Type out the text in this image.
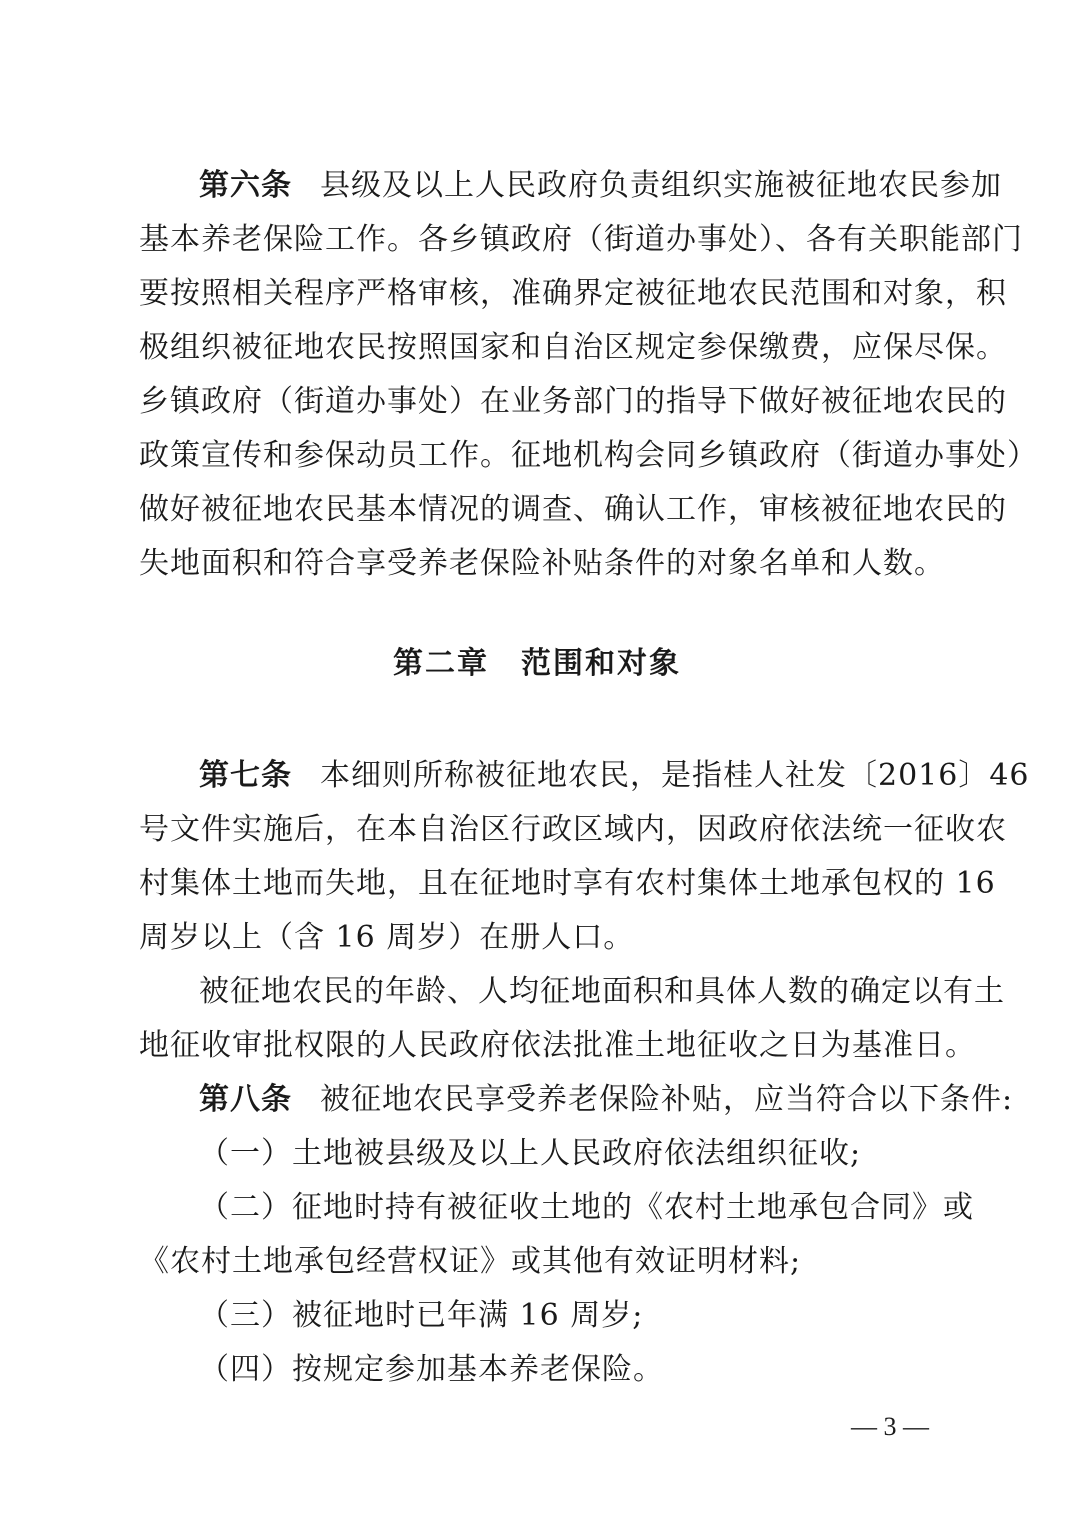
第六条 县级及以上人民政府负责组织实施被征地农民参加
基本养老保险工作。各乡镇政府（街道办事处）、各有关职能部门
要按照相关程序严格审核，准确界定被征地农民范围和对象，积
极组织被征地农民按照国家和自治区规定参保缴费，应保尽保。
乡镇政府（街道办事处）在业务部门的指导下做好被征地农民的
政策宣传和参保动员工作。征地机构会同乡镇政府（街道办事处）
做好被征地农民基本情况的调查、确认工作，审核被征地农民的
失地面积和符合享受养老保险补贴条件的对象名单和人数。
第二章　范围和对象
第七条 本细则所称被征地农民，是指桂人社发〔2016〕46
号文件实施后，在本自治区行政区域内，因政府依法统一征收农
村集体土地而失地，且在征地时享有农村集体土地承包权的 16
周岁以上（含 16 周岁）在册人口。
被征地农民的年龄、人均征地面积和具体人数的确定以有土
地征收审批权限的人民政府依法批准土地征收之日为基准日。
第八条 被征地农民享受养老保险补贴，应当符合以下条件:
（一）土地被县级及以上人民政府依法组织征收;
（二）征地时持有被征收土地的《农村土地承包合同》或
《农村土地承包经营权证》或其他有效证明材料;
（三）被征地时已年满 16 周岁;
（四）按规定参加基本养老保险。
— 3 —
